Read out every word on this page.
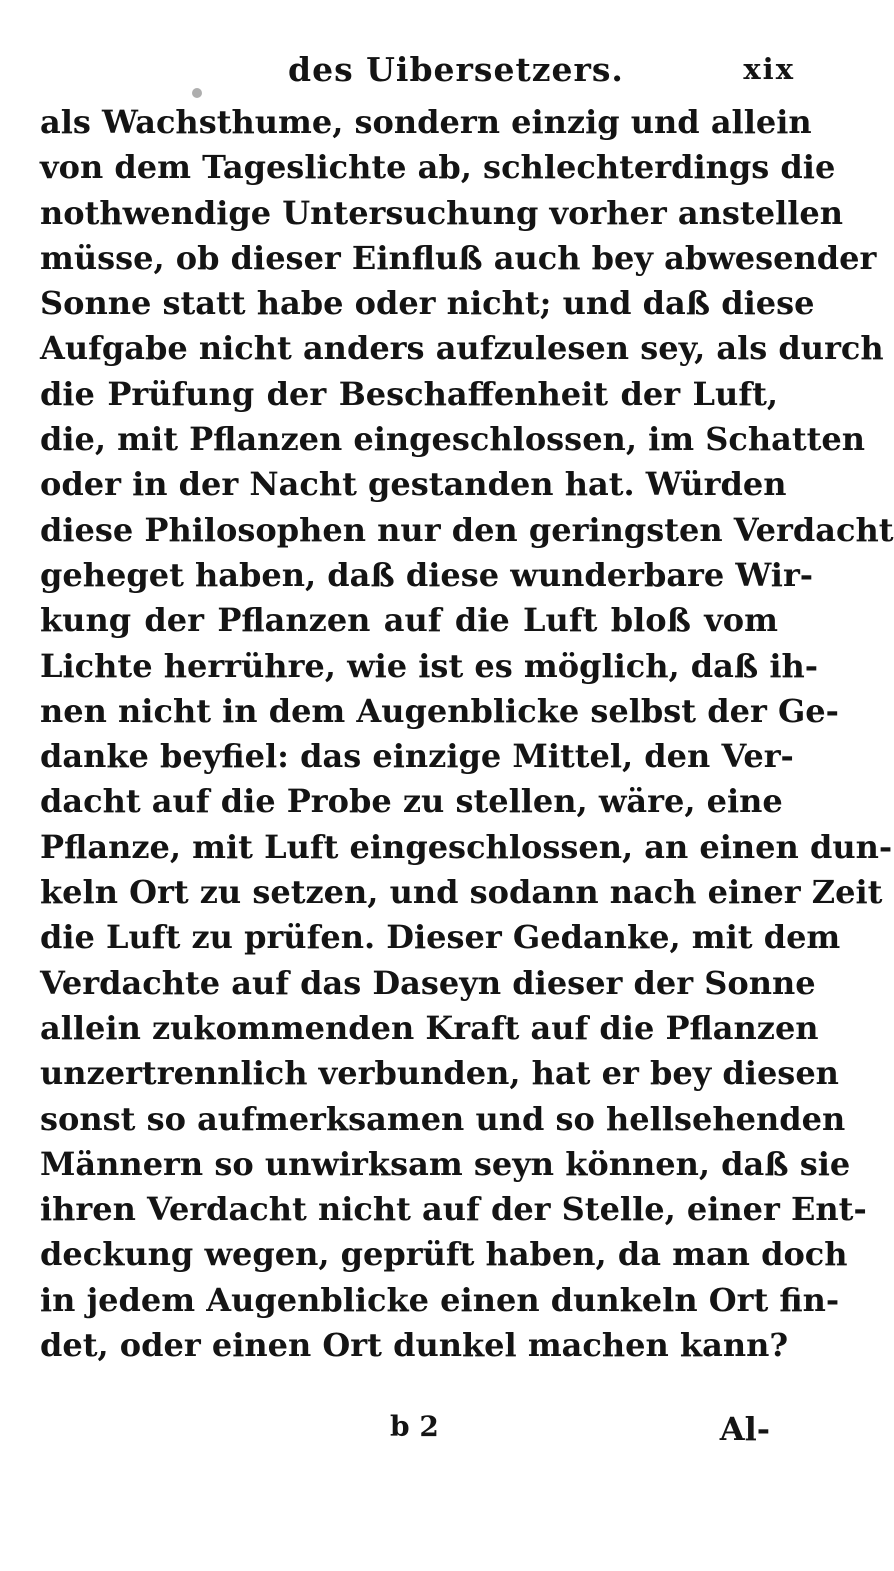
des Uibersetzers.	xix
als Wachsthume, sondern einzig und allein
von dem Tageslichte ab, schlechterdings die
nothwendige Untersuchung vorher anstellen
müsse, ob dieser Einfluß auch bey abwesender
Sonne statt habe oder nicht; und daß diese
Aufgabe nicht anders aufzulesen sey, als durch
die Prüfung der Beschaffenheit der Luft,
die, mit Pflanzen eingeschlossen, im Schatten
oder in der Nacht gestanden hat. Würden
diese Philosophen nur den geringsten Verdacht
geheget haben, daß diese wunderbare Wir-
kung der Pflanzen auf die Luft bloß vom
Lichte herrühre, wie ist es möglich, daß ih-
nen nicht in dem Augenblicke selbst der Ge-
danke beyfiel: das einzige Mittel, den Ver-
dacht auf die Probe zu stellen, wäre, eine
Pflanze, mit Luft eingeschlossen, an einen dun-
keln Ort zu setzen, und sodann nach einer Zeit
die Luft zu prüfen. Dieser Gedanke, mit dem
Verdachte auf das Daseyn dieser der Sonne
allein zukommenden Kraft auf die Pflanzen
unzertrennlich verbunden, hat er bey diesen
sonst so aufmerksamen und so hellsehenden
Männern so unwirksam seyn können, daß sie
ihren Verdacht nicht auf der Stelle, einer Ent-
deckung wegen, geprüft haben, da man doch
in jedem Augenblicke einen dunkeln Ort fin-
det, oder einen Ort dunkel machen kann?
b 2	Al-
